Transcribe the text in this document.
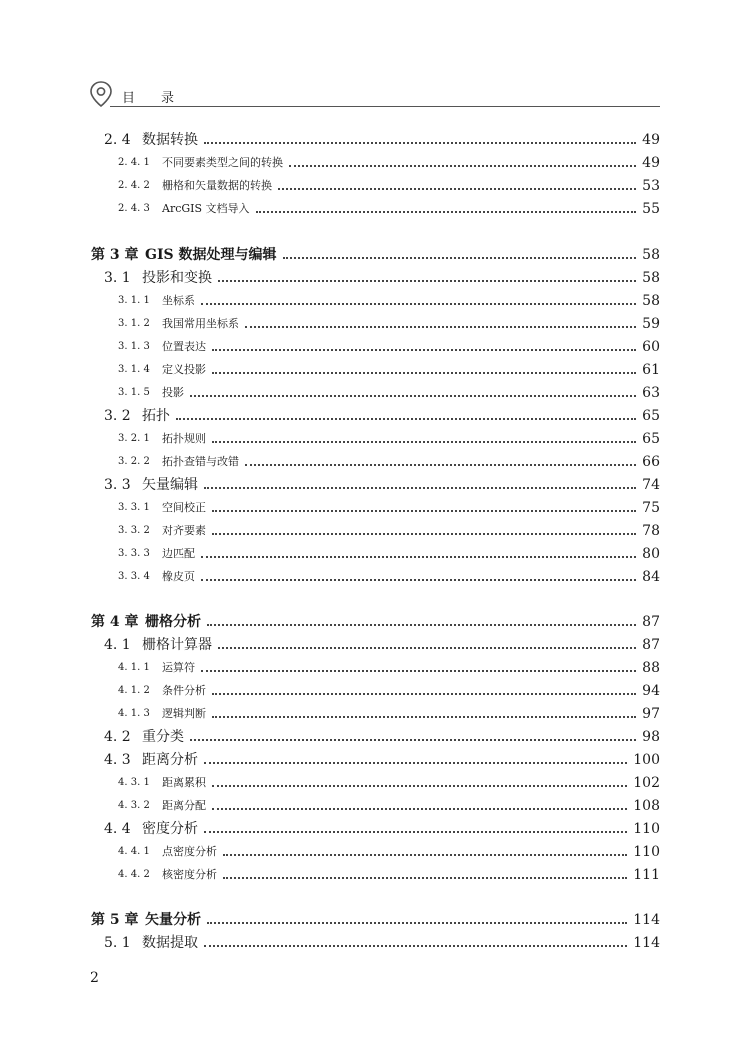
目 录
2. 4 数据转换	49
2. 4. 1	不同要素类型之间的转换	49
2. 4. 2	栅格和矢量数据的转换	53
2. 4. 3	ArcGIS 文档导入	55
第 3 章 GIS 数据处理与编辑	58
3. 1 投影和变换	58
3. 1. 1	坐标系	58
3. 1. 2	我国常用坐标系	59
3. 1. 3	位置表达	60
3. 1. 4	定义投影	61
3. 1. 5	投影	63
3. 2 拓扑	65
3. 2. 1	拓扑规则	65
3. 2. 2	拓扑查错与改错	66
3. 3 矢量编辑	74
3. 3. 1	空间校正	75
3. 3. 2	对齐要素	78
3. 3. 3	边匹配	80
3. 3. 4	橡皮页	84
第 4 章 栅格分析	87
4. 1 栅格计算器	87
4. 1. 1	运算符	88
4. 1. 2	条件分析	94
4. 1. 3	逻辑判断	97
4. 2 重分类	98
4. 3 距离分析	100
4. 3. 1	距离累积	102
4. 3. 2	距离分配	108
4. 4 密度分析	110
4. 4. 1	点密度分析	110
4. 4. 2	核密度分析	111
第 5 章 矢量分析	114
5. 1 数据提取	114
2
